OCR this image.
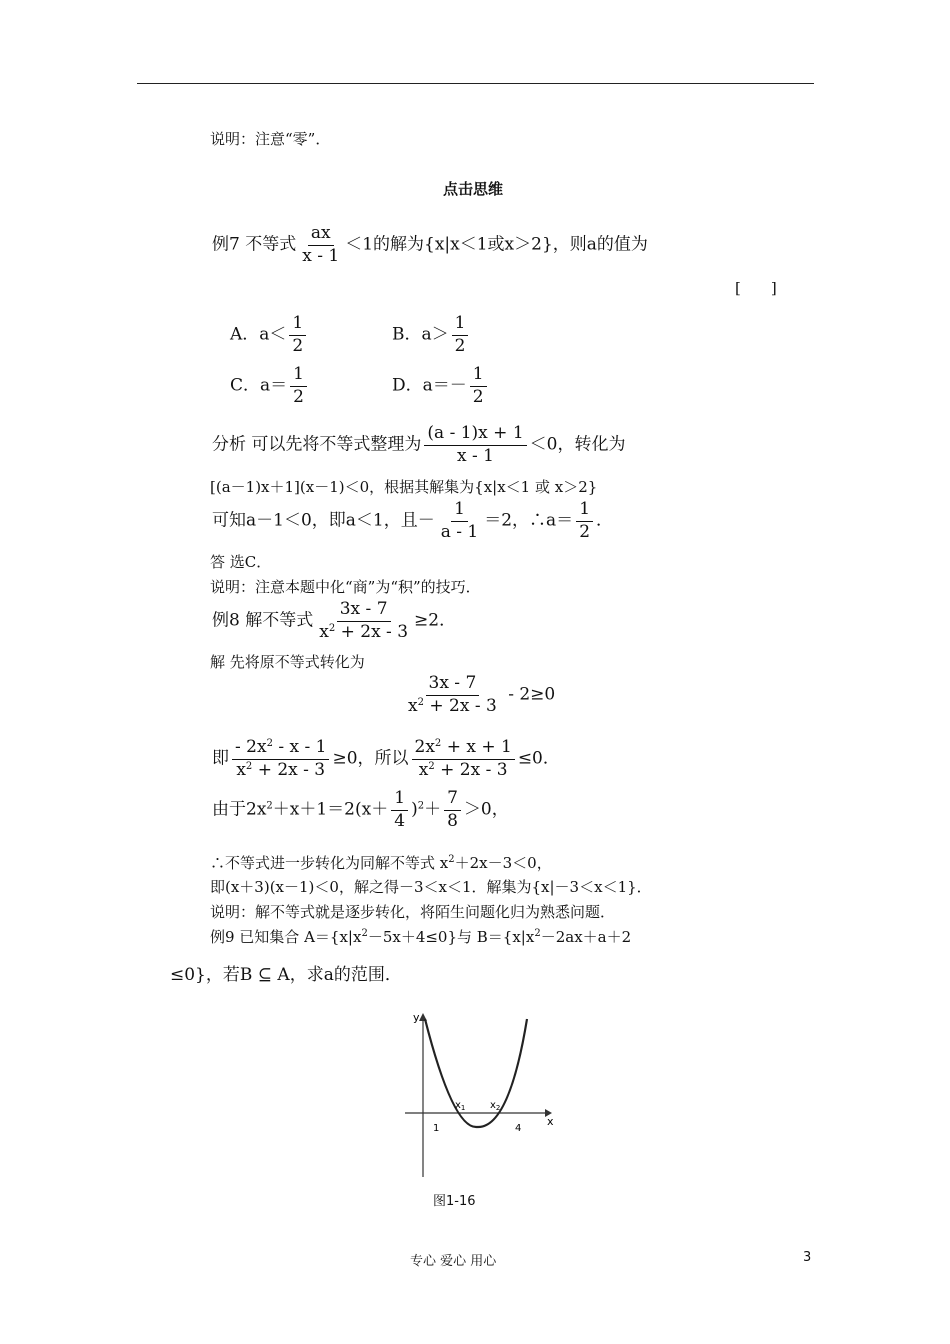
说明：注意“零”．
点击思维
例7 不等式 $\frac{ax}{x - 1} <1$的解为{x|x＜1或x＞2}，则a的值为
[　　]
A．$a< \frac{1}{2}$	B．$a> \frac{1}{2}$
C．$a= \frac{1}{2}$	D．$a=- \frac{1}{2}$
分析 可以先将不等式整理为 $\frac{(a - 1)x + 1}{x - 1} <0$，转化为
[(a－1)x＋1](x－1)＜0，根据其解集为{x|x＜1 或 x＞2}
可知a－1＜0，即a＜1，且－ $\frac{1}{a - 1} =2$，∴a＝ $\frac{1}{2}$ ．
答 选C．
说明：注意本题中化“商”为“积”的技巧．
例8 解不等式 $\frac{3x - 7}{x^2 + 2x - 3} \ge 2$．
解 先将原不等式转化为
$\frac{3x - 7}{x^2 + 2x - 3} - 2\ge 0$
即 $\frac{- 2x^2 - x - 1}{x^2 + 2x - 3} \ge 0$，所以 $\frac{2x^2 + x + 1}{x^2 + 2x - 3} \le 0$．
由于$2x^2+x+1=2(x+ \frac{1}{4} )^2+ \frac{7}{8} >0$，
∴不等式进一步转化为同解不等式 $x^2+2x-3<0$，
即(x＋3)(x－1)＜0，解之得－3＜x＜1．解集为{x|－3＜x＜1}．
说明：解不等式就是逐步转化，将陌生问题化归为熟悉问题．
例9 已知集合 $A=\{x|x^2-5x+4\le 0\}$与 $B=\{x|x^2-2ax+a+2$
≤0}，若B ⊆ A，求a的范围．
y
x
$x_1$ $x_2$
1	4
图1-16
专心 爱心 用心	3
